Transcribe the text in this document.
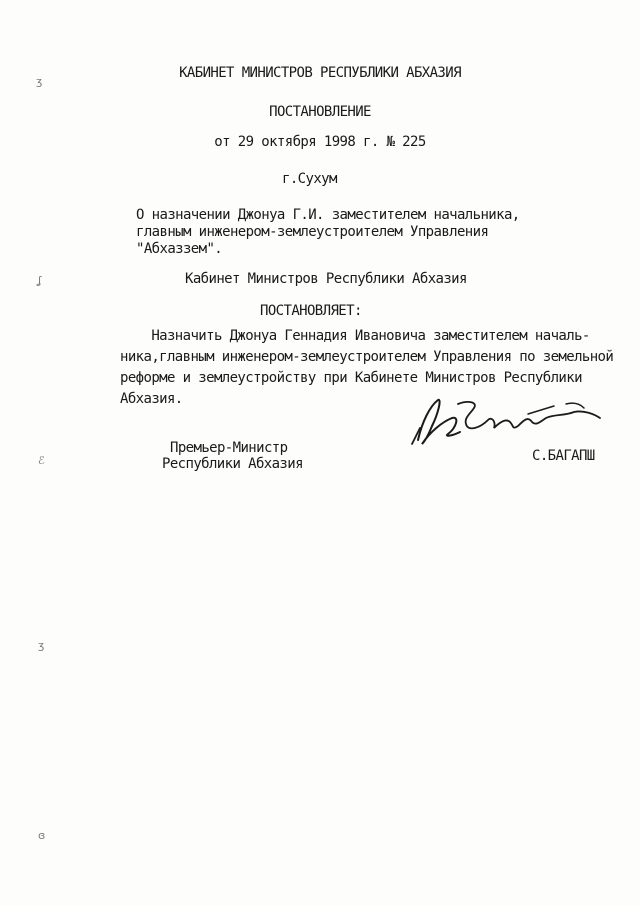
ʒ
ʆ
ℰ
ʒ
ɞ
КАБИНЕТ МИНИСТРОВ РЕСПУБЛИКИ АБХАЗИЯ
ПОСТАНОВЛЕНИЕ
от 29 октября 1998 г. № 225
г.Сухум
О назначении Джонуа Г.И. заместителем начальника,
главным инженером-землеустроителем Управления
"Абхаззем".
Кабинет Министров Республики Абхазия
ПОСТАНОВЛЯЕТ:
Назначить Джонуа Геннадия Ивановича заместителем началь-
ника,главным инженером-землеустроителем Управления по земельной
реформе и землеустройству при Кабинете Министров Республики
Абхазия.
Премьер-Министр
Республики Абхазия	С.БАГАПШ
